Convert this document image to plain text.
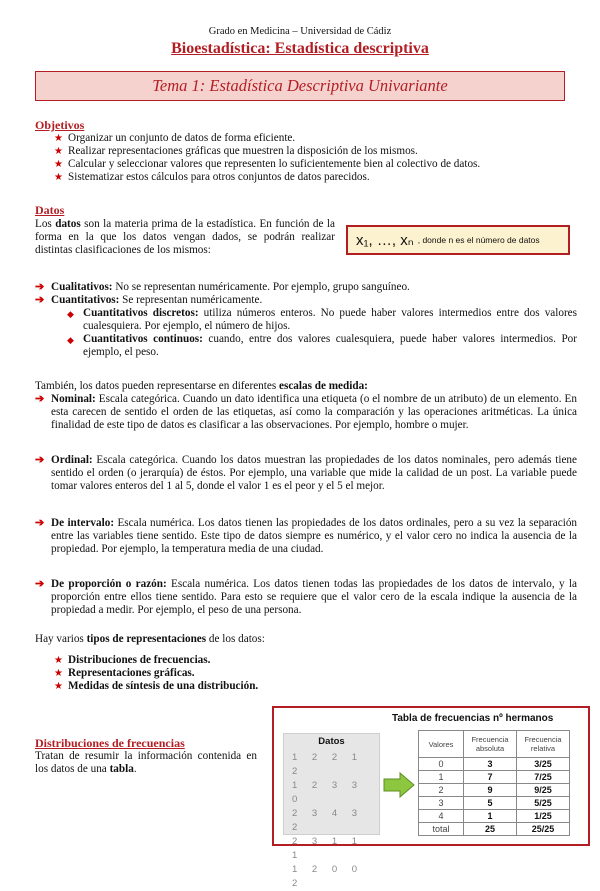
Grado en Medicina – Universidad de Cádiz
Bioestadística: Estadística descriptiva
Tema 1: Estadística Descriptiva Univariante
Objetivos
★ Organizar un conjunto de datos de forma eficiente.
★ Realizar representaciones gráficas que muestren la disposición de los mismos.
★ Calcular y seleccionar valores que representen lo suficientemente bien al colectivo de datos.
★ Sistematizar estos cálculos para otros conjuntos de datos parecidos.
Datos
Los datos son la materia prima de la estadística. En función de la forma en la que los datos vengan dados, se podrán realizar distintas clasificaciones de los mismos:
x₁, …, xₙ , donde n es el número de datos
➔ Cualitativos: No se representan numéricamente. Por ejemplo, grupo sanguíneo.
➔ Cuantitativos: Se representan numéricamente.
◆ Cuantitativos discretos: utiliza números enteros. No puede haber valores intermedios entre dos valores cualesquiera. Por ejemplo, el número de hijos.
◆ Cuantitativos continuos: cuando, entre dos valores cualesquiera, puede haber valores intermedios. Por ejemplo, el peso.
También, los datos pueden representarse en diferentes escalas de medida:
➔ Nominal: Escala categórica. Cuando un dato identifica una etiqueta (o el nombre de un atributo) de un elemento. En esta carecen de sentido el orden de las etiquetas, así como la comparación y las operaciones aritméticas. La única finalidad de este tipo de datos es clasificar a las observaciones. Por ejemplo, hombre o mujer.
➔ Ordinal: Escala categórica. Cuando los datos muestran las propiedades de los datos nominales, pero además tiene sentido el orden (o jerarquía) de éstos. Por ejemplo, una variable que mide la calidad de un post. La variable puede tomar valores enteros del 1 al 5, donde el valor 1 es el peor y el 5 el mejor.
➔ De intervalo: Escala numérica. Los datos tienen las propiedades de los datos ordinales, pero a su vez la separación entre las variables tiene sentido. Este tipo de datos siempre es numérico, y el valor cero no indica la ausencia de la propiedad. Por ejemplo, la temperatura media de una ciudad.
➔ De proporción o razón: Escala numérica. Los datos tienen todas las propiedades de los datos de intervalo, y la proporción entre ellos tiene sentido. Para esto se requiere que el valor cero de la escala indique la ausencia de la propiedad a medir. Por ejemplo, el peso de una persona.
Hay varios tipos de representaciones de los datos:
★ Distribuciones de frecuencias.
★ Representaciones gráficas.
★ Medidas de síntesis de una distribución.
Distribuciones de frecuencias
Tratan de resumir la información contenida en los datos de una tabla.
Datos
1 2 2 1 2
1 2 3 3 0
2 3 4 3 2
2 3 1 1 1
1 2 0 0 2
Tabla de frecuencias nº hermanos
Valores	Frecuencia absoluta	Frecuencia relativa
0	3	3/25
1	7	7/25
2	9	9/25
3	5	5/25
4	1	1/25
total	25	25/25
